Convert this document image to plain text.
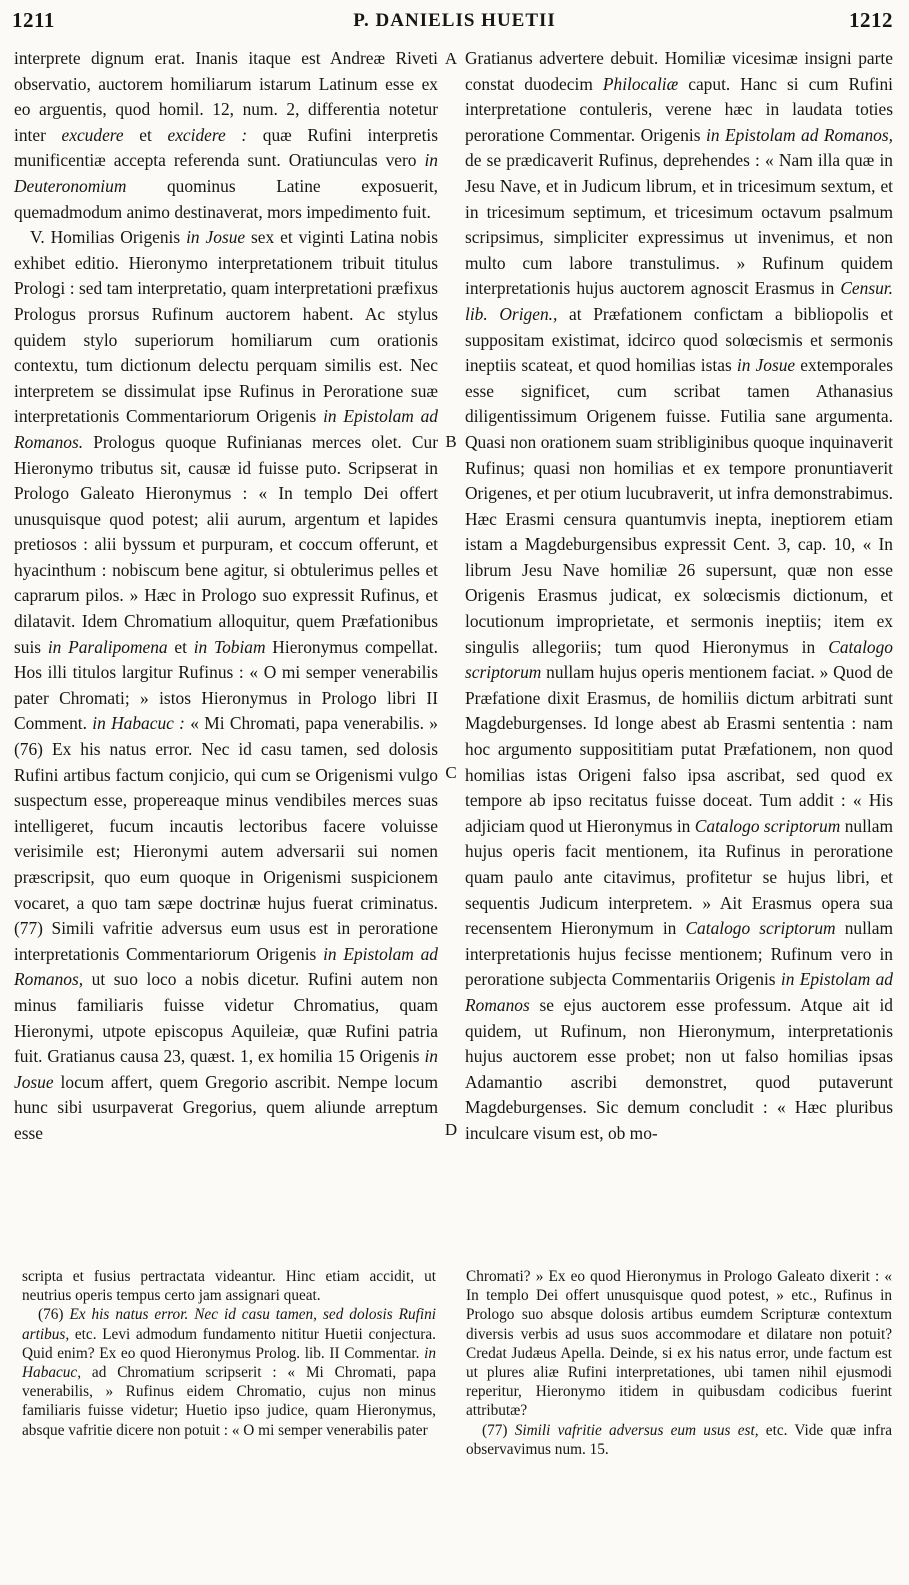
1211	P. DANIELIS HUETII	1212

interprete dignum erat. Inanis itaque est Andreæ Riveti observatio, auctorem homiliarum istarum Latinum esse ex eo arguentis, quod homil. 12, num. 2, differentia notetur inter excudere et excidere : quæ Rufini interpretis munificentiæ accepta referenda sunt. Oratiunculas vero in Deuteronomium quominus Latine exposuerit, quemadmodum animo destinaverat, mors impedimento fuit.

V. Homilias Origenis in Josue sex et viginti Latina nobis exhibet editio. Hieronymo interpretationem tribuit titulus Prologi : sed tam interpretatio, quam interpretationi præfixus Prologus prorsus Rufinum auctorem habent. Ac stylus quidem stylo superiorum homiliarum cum orationis contextu, tum dictionum delectu perquam similis est. Nec interpretem se dissimulat ipse Rufinus in Peroratione suæ interpretationis Commentariorum Origenis in Epistolam ad Romanos. Prologus quoque Rufinianas merces olet. Cur Hieronymo tributus sit, causæ id fuisse puto. Scripserat in Prologo Galeato Hieronymus : « In templo Dei offert unusquisque quod potest; alii aurum, argentum et lapides pretiosos : alii byssum et purpuram, et coccum offerunt, et hyacinthum : nobiscum bene agitur, si obtulerimus pelles et caprarum pilos. » Hæc in Prologo suo expressit Rufinus, et dilatavit. Idem Chromatium alloquitur, quem Præfationibus suis in Paralipomena et in Tobiam Hieronymus compellat. Hos illi titulos largitur Rufinus : « O mi semper venerabilis pater Chromati; » istos Hieronymus in Prologo libri II Comment. in Habacuc : « Mi Chromati, papa venerabilis. » (76) Ex his natus error. Nec id casu tamen, sed dolosis Rufini artibus factum conjicio, qui cum se Origenismi vulgo suspectum esse, propereaque minus vendibiles merces suas intelligeret, fucum incautis lectoribus facere voluisse verisimile est; Hieronymi autem adversarii sui nomen præscripsit, quo eum quoque in Origenismi suspicionem vocaret, a quo tam sæpe doctrinæ hujus fuerat criminatus. (77) Simili vafritie adversus eum usus est in peroratione interpretationis Commentariorum Origenis in Epistolam ad Romanos, ut suo loco a nobis dicetur. Rufini autem non minus familiaris fuisse videtur Chromatius, quam Hieronymi, utpote episcopus Aquileiæ, quæ Rufini patria fuit. Gratianus causa 23, quæst. 1, ex homilia 15 Origenis in Josue locum affert, quem Gregorio ascribit. Nempe locum hunc sibi usurpaverat Gregorius, quem aliunde arreptum esse

Gratianus advertere debuit. Homiliæ vicesimæ insigni parte constat duodecim Philocaliæ caput. Hanc si cum Rufini interpretatione contuleris, verene hæc in laudata toties peroratione Commentar. Origenis in Epistolam ad Romanos, de se prædicaverit Rufinus, deprehendes : « Nam illa quæ in Jesu Nave, et in Judicum librum, et in tricesimum sextum, et in tricesimum septimum, et tricesimum octavum psalmum scripsimus, simpliciter expressimus ut invenimus, et non multo cum labore transtulimus. » Rufinum quidem interpretationis hujus auctorem agnoscit Erasmus in Censur. lib. Origen., at Præfationem confictam a bibliopolis et suppositam existimat, idcirco quod solœcismis et sermonis ineptiis scateat, et quod homilias istas in Josue extemporales esse significet, cum scribat tamen Athanasius diligentissimum Origenem fuisse. Futilia sane argumenta. Quasi non orationem suam stribliginibus quoque inquinaverit Rufinus; quasi non homilias et ex tempore pronuntiaverit Origenes, et per otium lucubraverit, ut infra demonstrabimus. Hæc Erasmi censura quantumvis inepta, ineptiorem etiam istam a Magdeburgensibus expressit Cent. 3, cap. 10, « In librum Jesu Nave homiliæ 26 supersunt, quæ non esse Origenis Erasmus judicat, ex solœcismis dictionum, et locutionum improprietate, et sermonis ineptiis; item ex singulis allegoriis; tum quod Hieronymus in Catalogo scriptorum nullam hujus operis mentionem faciat. » Quod de Præfatione dixit Erasmus, de homiliis dictum arbitrati sunt Magdeburgenses. Id longe abest ab Erasmi sententia : nam hoc argumento supposititiam putat Præfationem, non quod homilias istas Origeni falso ipsa ascribat, sed quod ex tempore ab ipso recitatus fuisse doceat. Tum addit : « His adjiciam quod ut Hieronymus in Catalogo scriptorum nullam hujus operis facit mentionem, ita Rufinus in peroratione quam paulo ante citavimus, profitetur se hujus libri, et sequentis Judicum interpretem. » Ait Erasmus opera sua recensentem Hieronymum in Catalogo scriptorum nullam interpretationis hujus fecisse mentionem; Rufinum vero in peroratione subjecta Commentariis Origenis in Epistolam ad Romanos se ejus auctorem esse professum. Atque ait id quidem, ut Rufinum, non Hieronymum, interpretationis hujus auctorem esse probet; non ut falso homilias ipsas Adamantio ascribi demonstret, quod putaverunt Magdeburgenses. Sic demum concludit : « Hæc pluribus inculcare visum est, ob mo-

A
B
C
D

scripta et fusius pertractata videantur. Hinc etiam accidit, ut neutrius operis tempus certo jam assignari queat.

(76) Ex his natus error. Nec id casu tamen, sed dolosis Rufini artibus, etc. Levi admodum fundamento nititur Huetii conjectura. Quid enim? Ex eo quod Hieronymus Prolog. lib. II Commentar. in Habacuc, ad Chromatium scripserit : « Mi Chromati, papa venerabilis, » Rufinus eidem Chromatio, cujus non minus familiaris fuisse videtur; Huetio ipso judice, quam Hieronymus, absque vafritie dicere non potuit : « O mi semper venerabilis pater

Chromati? » Ex eo quod Hieronymus in Prologo Galeato dixerit : « In templo Dei offert unusquisque quod potest, » etc., Rufinus in Prologo suo absque dolosis artibus eumdem Scripturæ contextum diversis verbis ad usus suos accommodare et dilatare non potuit? Credat Judæus Apella. Deinde, si ex his natus error, unde factum est ut plures aliæ Rufini interpretationes, ubi tamen nihil ejusmodi reperitur, Hieronymo itidem in quibusdam codicibus fuerint attributæ?

(77) Simili vafritie adversus eum usus est, etc. Vide quæ infra observavimus num. 15.
